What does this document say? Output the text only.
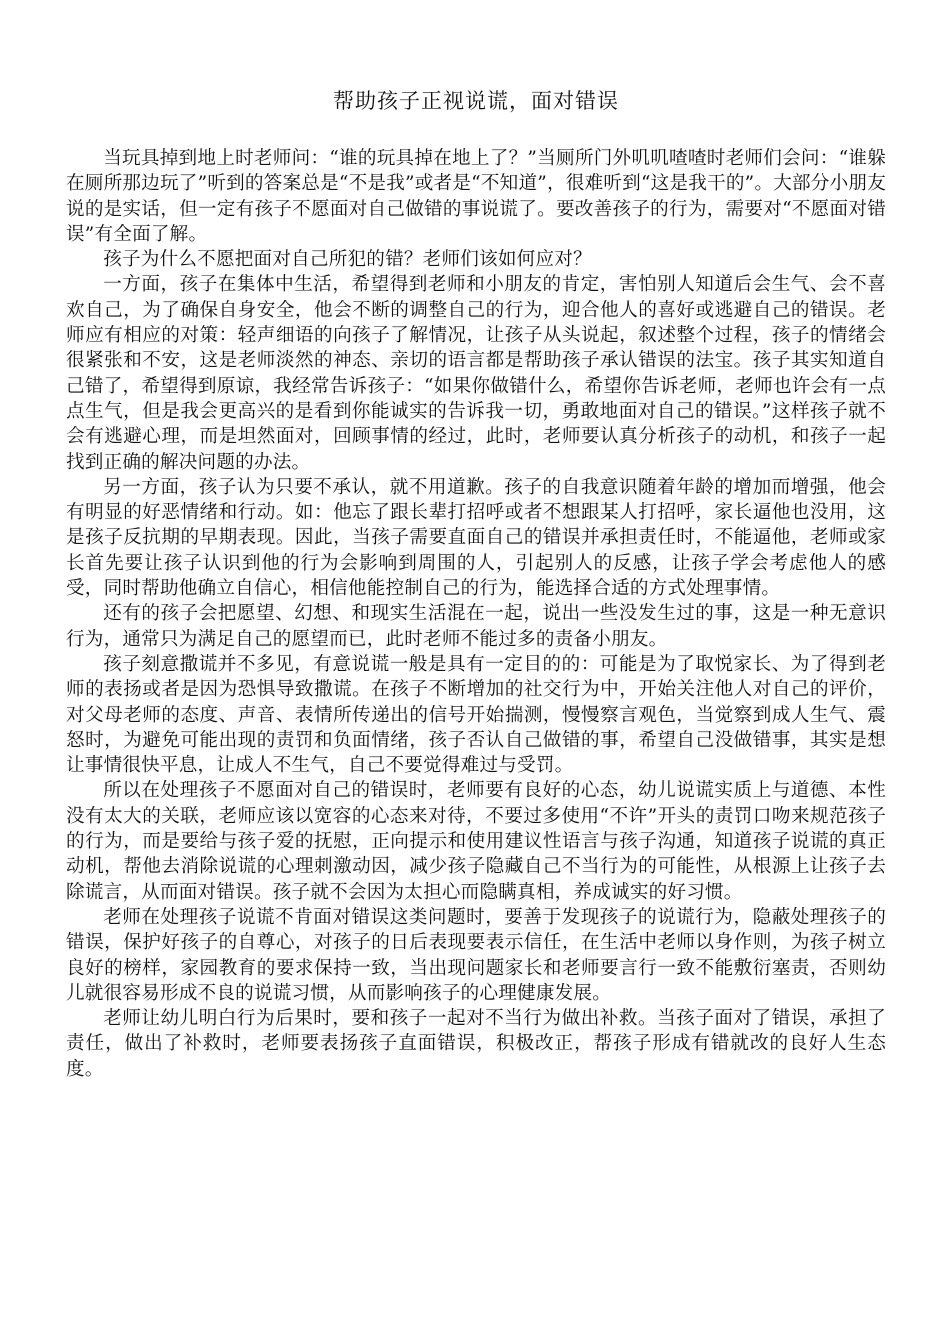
帮助孩子正视说谎，面对错误

当玩具掉到地上时老师问：“谁的玩具掉在地上了？”当厕所门外叽叽喳喳时老师们会问：“谁躲在厕所那边玩了”听到的答案总是“不是我”或者是“不知道”，很难听到“这是我干的”。大部分小朋友说的是实话，但一定有孩子不愿面对自己做错的事说谎了。要改善孩子的行为，需要对“不愿面对错误”有全面了解。

孩子为什么不愿把面对自己所犯的错？老师们该如何应对？

一方面，孩子在集体中生活，希望得到老师和小朋友的肯定，害怕别人知道后会生气、会不喜欢自己，为了确保自身安全，他会不断的调整自己的行为，迎合他人的喜好或逃避自己的错误。老师应有相应的对策：轻声细语的向孩子了解情况，让孩子从头说起，叙述整个过程，孩子的情绪会很紧张和不安，这是老师淡然的神态、亲切的语言都是帮助孩子承认错误的法宝。孩子其实知道自己错了，希望得到原谅，我经常告诉孩子：“如果你做错什么，希望你告诉老师，老师也许会有一点点生气，但是我会更高兴的是看到你能诚实的告诉我一切，勇敢地面对自己的错误。”这样孩子就不会有逃避心理，而是坦然面对，回顾事情的经过，此时，老师要认真分析孩子的动机，和孩子一起找到正确的解决问题的办法。

另一方面，孩子认为只要不承认，就不用道歉。孩子的自我意识随着年龄的增加而增强，他会有明显的好恶情绪和行动。如：他忘了跟长辈打招呼或者不想跟某人打招呼，家长逼他也没用，这是孩子反抗期的早期表现。因此，当孩子需要直面自己的错误并承担责任时，不能逼他，老师或家长首先要让孩子认识到他的行为会影响到周围的人，引起别人的反感，让孩子学会考虑他人的感受，同时帮助他确立自信心，相信他能控制自己的行为，能选择合适的方式处理事情。

还有的孩子会把愿望、幻想、和现实生活混在一起，说出一些没发生过的事，这是一种无意识行为，通常只为满足自己的愿望而已，此时老师不能过多的责备小朋友。

孩子刻意撒谎并不多见，有意说谎一般是具有一定目的的：可能是为了取悦家长、为了得到老师的表扬或者是因为恐惧导致撒谎。在孩子不断增加的社交行为中，开始关注他人对自己的评价，对父母老师的态度、声音、表情所传递出的信号开始揣测，慢慢察言观色，当觉察到成人生气、震怒时，为避免可能出现的责罚和负面情绪，孩子否认自己做错的事，希望自己没做错事，其实是想让事情很快平息，让成人不生气，自己不要觉得难过与受罚。

所以在处理孩子不愿面对自己的错误时，老师要有良好的心态，幼儿说谎实质上与道德、本性没有太大的关联，老师应该以宽容的心态来对待，不要过多使用“不许”开头的责罚口吻来规范孩子的行为，而是要给与孩子爱的抚慰，正向提示和使用建议性语言与孩子沟通，知道孩子说谎的真正动机，帮他去消除说谎的心理刺激动因，减少孩子隐藏自己不当行为的可能性，从根源上让孩子去除谎言，从而面对错误。孩子就不会因为太担心而隐瞒真相，养成诚实的好习惯。

老师在处理孩子说谎不肯面对错误这类问题时，要善于发现孩子的说谎行为，隐蔽处理孩子的错误，保护好孩子的自尊心，对孩子的日后表现要表示信任，在生活中老师以身作则，为孩子树立良好的榜样，家园教育的要求保持一致，当出现问题家长和老师要言行一致不能敷衍塞责，否则幼儿就很容易形成不良的说谎习惯，从而影响孩子的心理健康发展。

老师让幼儿明白行为后果时，要和孩子一起对不当行为做出补救。当孩子面对了错误，承担了责任，做出了补救时，老师要表扬孩子直面错误，积极改正，帮孩子形成有错就改的良好人生态度。
